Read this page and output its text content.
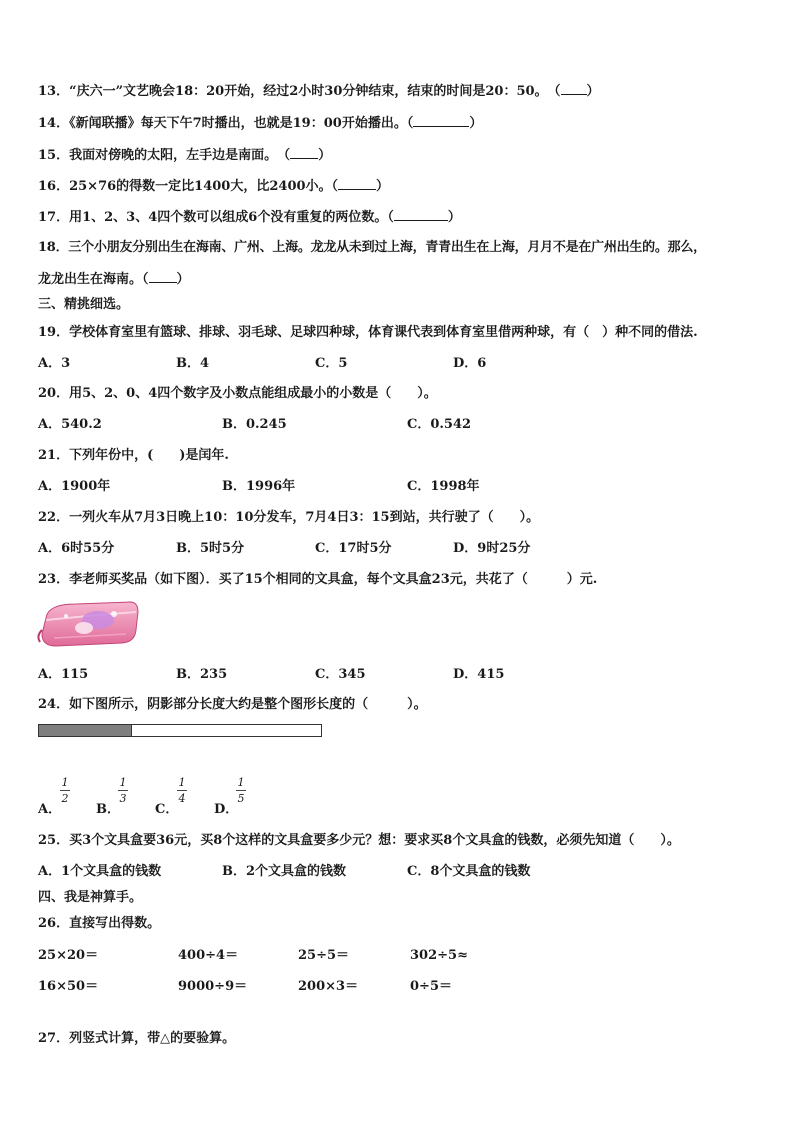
13．“庆六一”文艺晚会18：20开始，经过2小时30分钟结束，结束的时间是20：50。　（ ）
14．《新闻联播》每天下午7时播出，也就是19：00开始播出。（	）
15．我面对傍晚的太阳，左手边是南面。　（ ）
16．25×76的得数一定比1400大，比2400小。（	）
17．用1、2、3、4四个数可以组成6个没有重复的两位数。（	）
18．三个小朋友分别出生在海南、广州、上海。龙龙从未到过上海，青青出生在上海，月月不是在广州出生的。那么，
龙龙出生在海南。（ ）
三、精挑细选。
19．学校体育室里有篮球、排球、羽毛球、足球四种球，体育课代表到体育室里借两种球，有（　）种不同的借法.
A．3	B．4	C．5	D．6
20．用5、2、0、4四个数字及小数点能组成最小的小数是（　　）。
A．540.2	B．0.245	C．0.542
21．下列年份中，(　　)是闰年.
A．1900年	B．1996年	C．1998年
22．一列火车从7月3日晚上10：10分发车，7月4日3：15到站，共行驶了（　　）。
A．6时55分	B．5时5分	C．17时5分	D．9时25分
23．李老师买奖品（如下图）．买了15个相同的文具盒，每个文具盒23元，共花了（　　　）元.
A．115	B．235	C．345	D．415
24．如下图所示，阴影部分长度大约是整个图形长度的（　　　）。
A．
1
2
B．
1
3
C．
1
4
D．
1
5
25．买3个文具盒要36元，买8个这样的文具盒要多少元？想：要求买8个文具盒的钱数，必须先知道（　　）。
A．1个文具盒的钱数	B．2个文具盒的钱数	C．8个文具盒的钱数
四、我是神算手。
26．直接写出得数。
25×20＝	400÷4＝	25÷5＝	302÷5≈
16×50＝	9000÷9＝	200×3＝	0÷5＝
27．列竖式计算，带△的要验算。
